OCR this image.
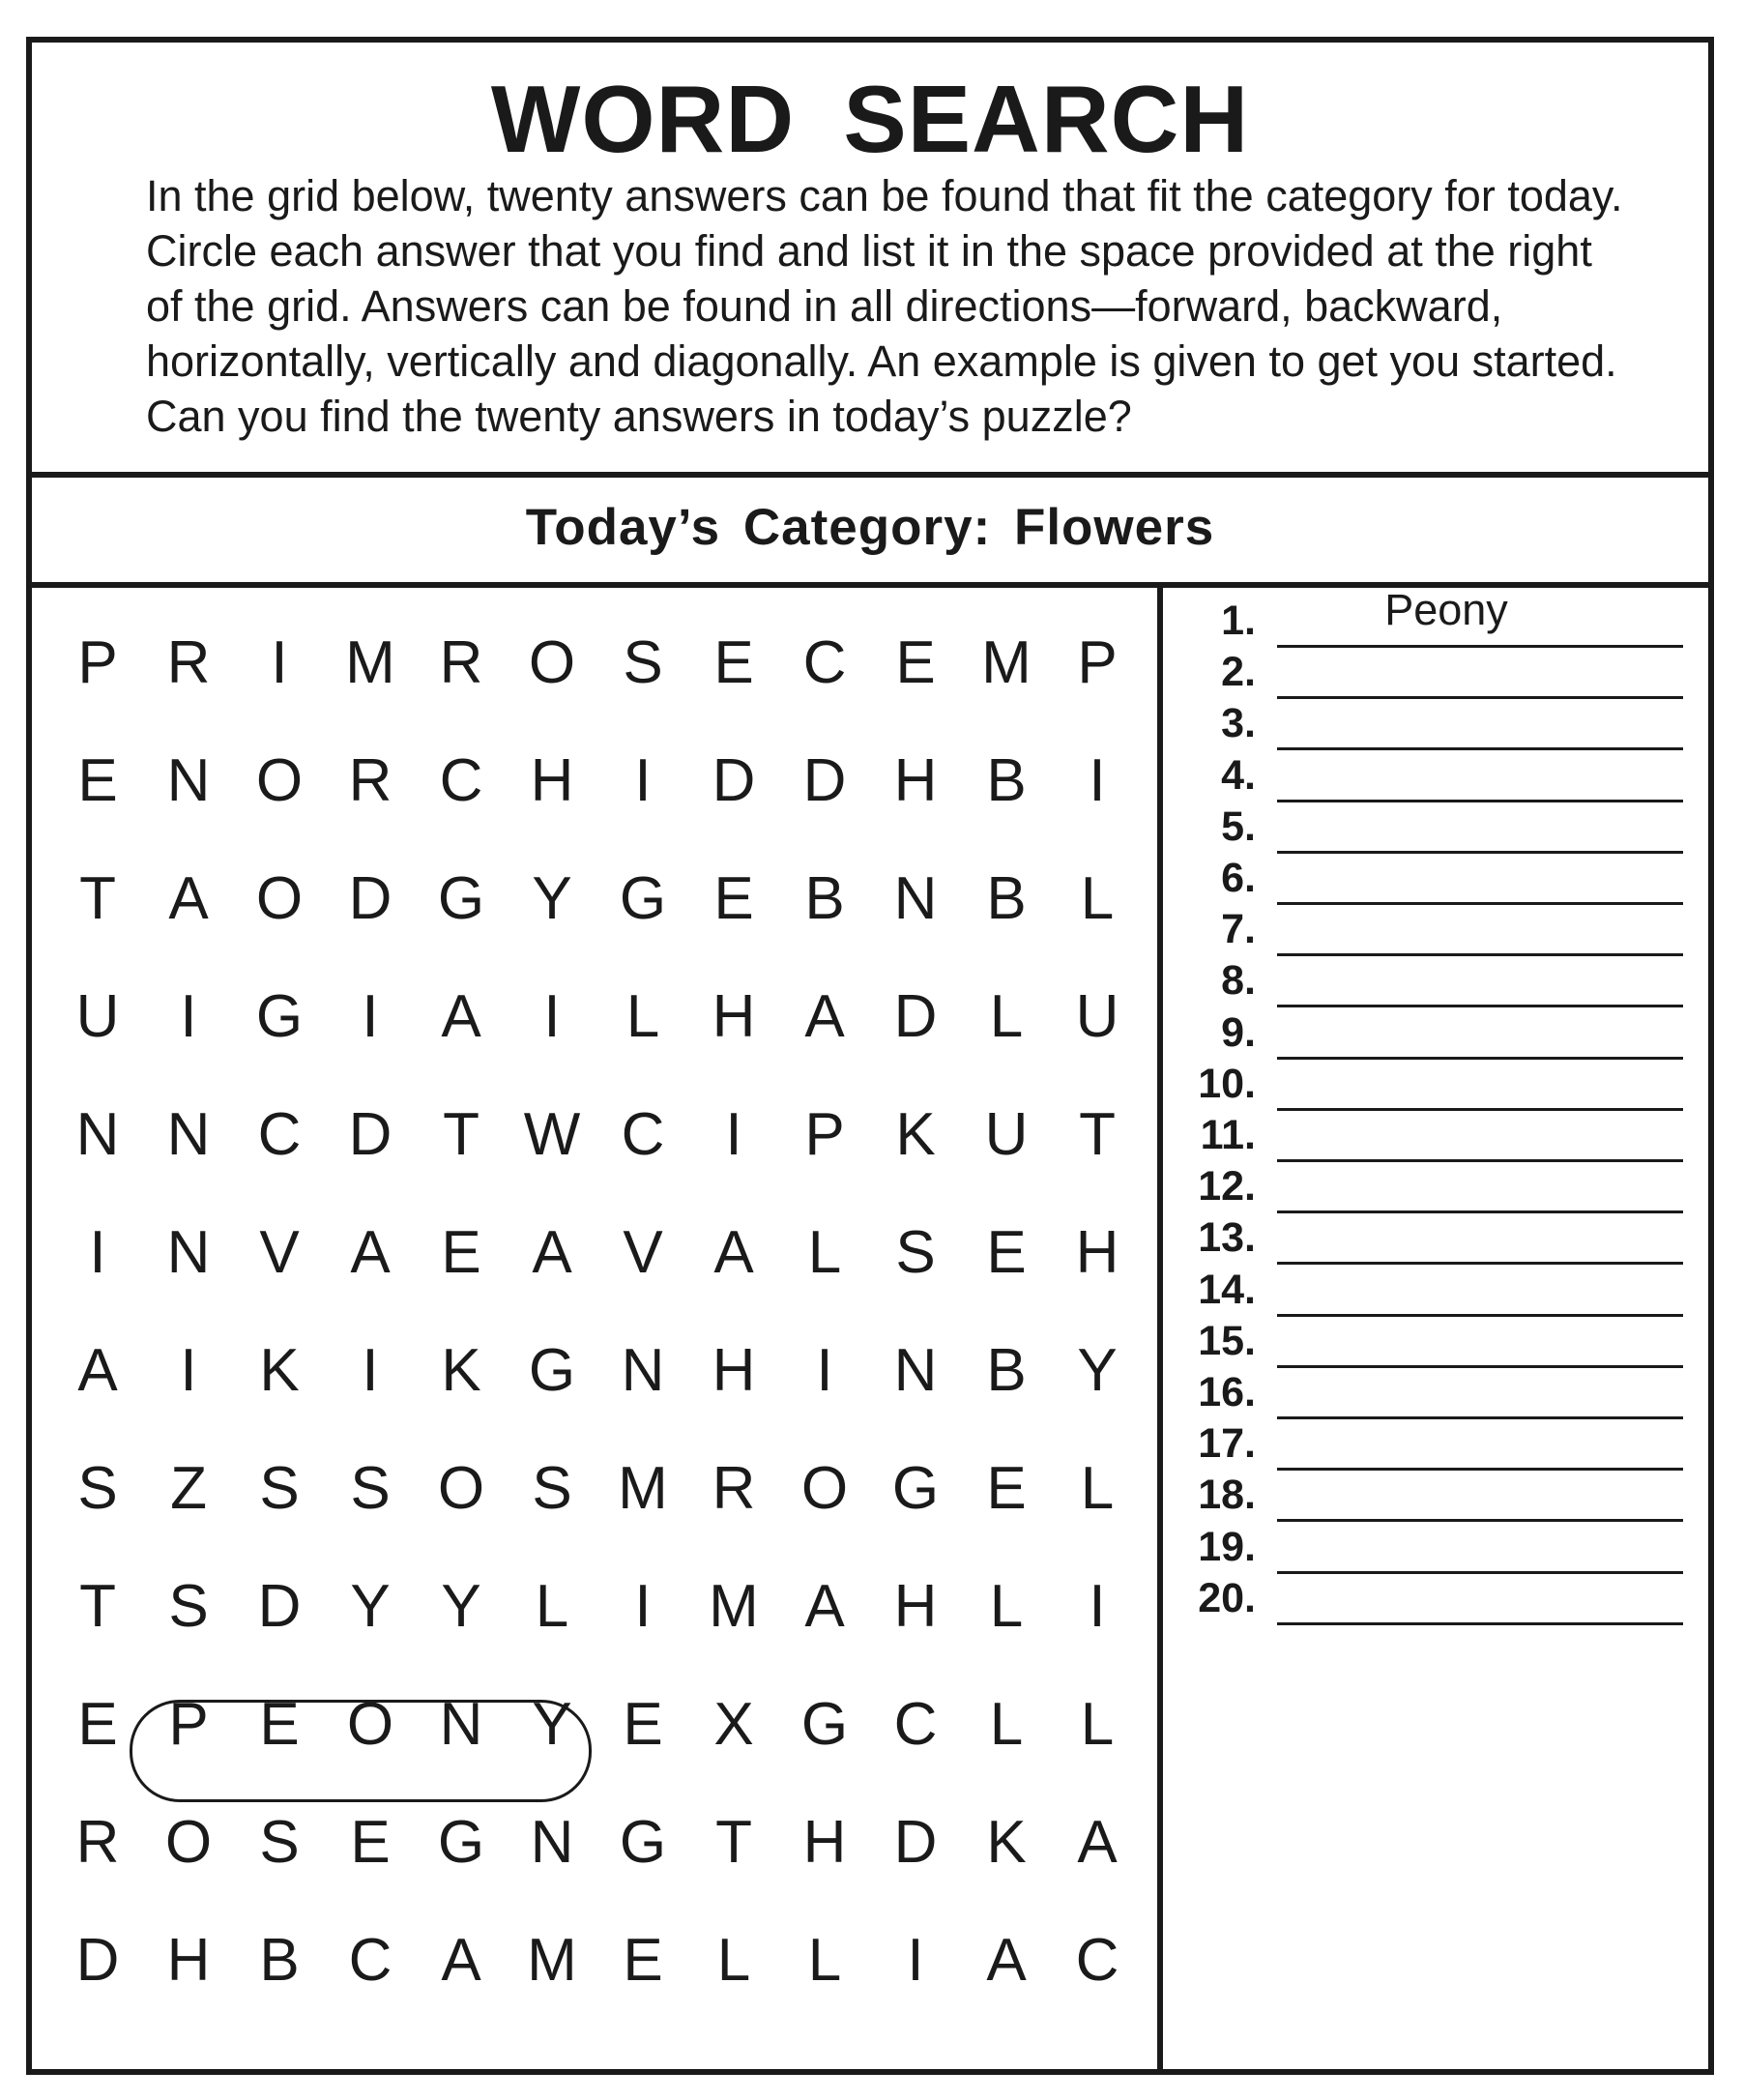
WORD SEARCH
In the grid below, twenty answers can be found that fit the category for today. Circle each answer that you find and list it in the space provided at the right of the grid. Answers can be found in all directions—forward, backward, horizontally, vertically and diagonally. An example is given to get you started. Can you find the twenty answers in today’s puzzle?
Today’s Category: Flowers
P R	I M R O S E C E M P
E N O R C H	I	D D H B	I
T A O D G Y G E B N B L
U	I G I	A	I	L H A D L U
N N C D T W C	I	P K U T
I	N V A E A V A L S E H
A	I	K	I	K G N H	I	N B Y
S Z S S O S M R O G E L
T S D Y Y L	I M A H L	I
E P E O N Y E X G C L L
R O S E G N G T H D K A
D H B C A M E L L	I	A C
1.	Peony
2.
3.
4.
5.
6.
7.
8.
9.
10.
11.
12.
13.
14.
15.
16.
17.
18.
19.
20.
